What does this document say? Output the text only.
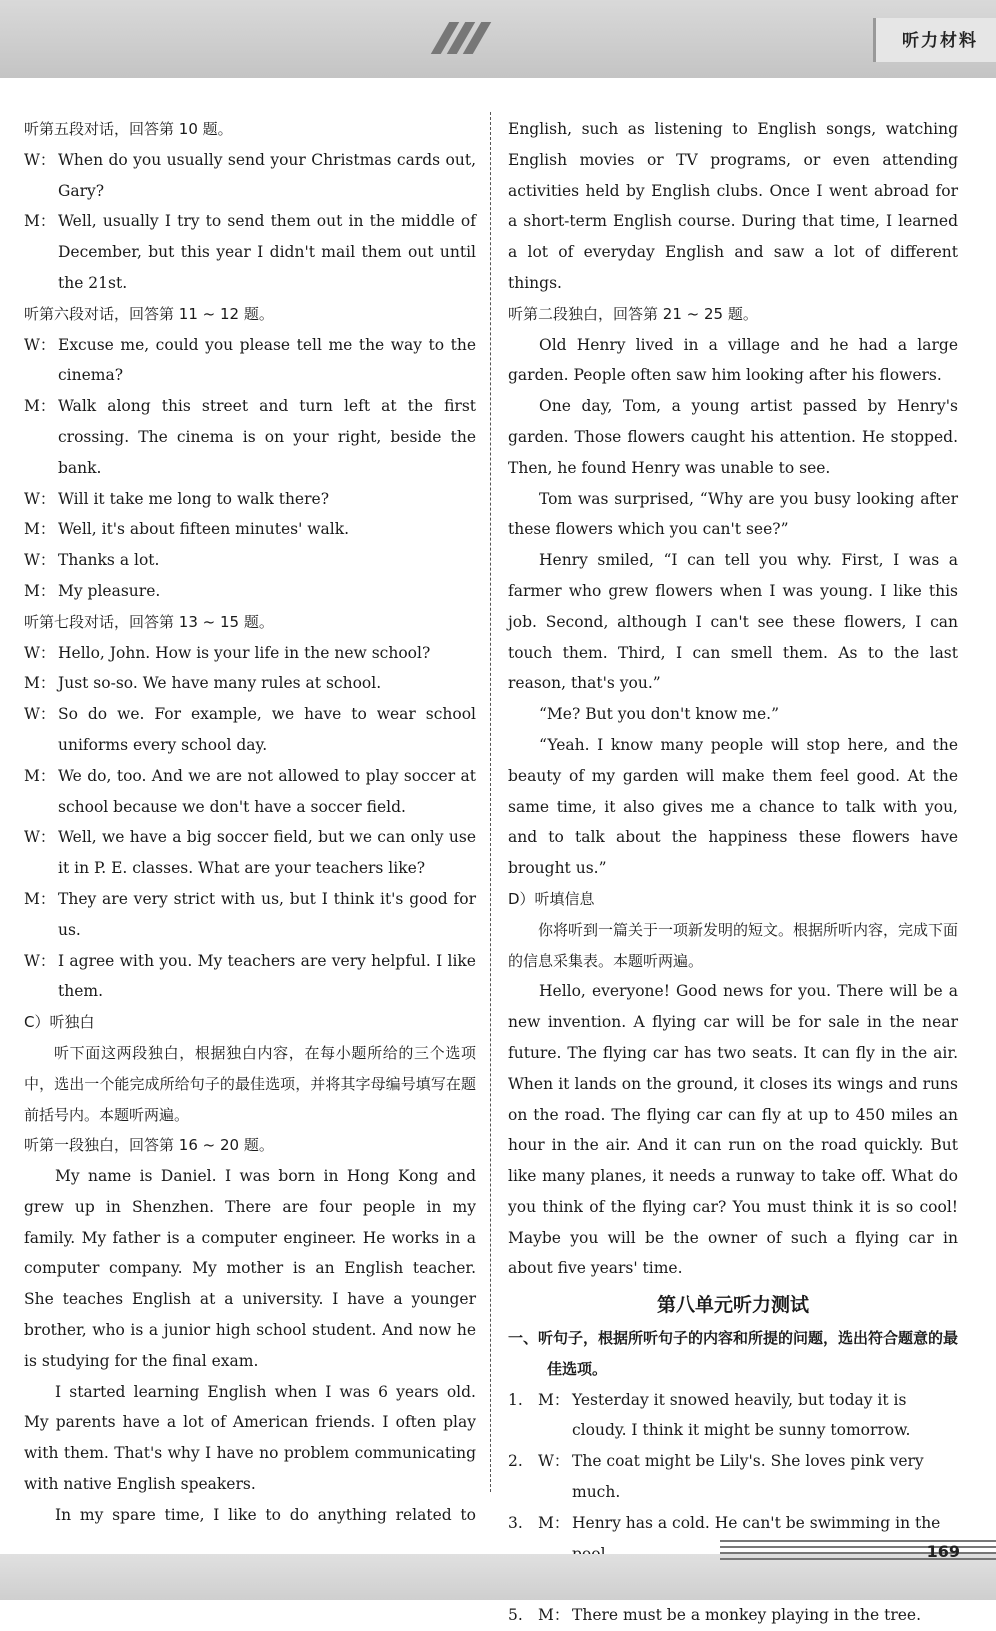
听力材料

听第五段对话，回答第 10 题。

W： When do you usually send your Christmas cards out, Gary?
M： Well, usually I try to send them out in the middle of December, but this year I didn't mail them out until the 21st.

听第六段对话，回答第 11 ~ 12 题。

W： Excuse me, could you please tell me the way to the cinema?
M： Walk along this street and turn left at the first crossing. The cinema is on your right, beside the bank.
W： Will it take me long to walk there?
M： Well, it's about fifteen minutes' walk.
W： Thanks a lot.
M： My pleasure.

听第七段对话，回答第 13 ~ 15 题。

W： Hello, John. How is your life in the new school?
M： Just so-so. We have many rules at school.
W： So do we. For example, we have to wear school uniforms every school day.
M： We do, too. And we are not allowed to play soccer at school because we don't have a soccer field.
W： Well, we have a big soccer field, but we can only use it in P. E. classes. What are your teachers like?
M： They are very strict with us, but I think it's good for us.
W： I agree with you. My teachers are very helpful. I like them.

C）听独白

听下面这两段独白，根据独白内容，在每小题所给的三个选项中，选出一个能完成所给句子的最佳选项，并将其字母编号填写在题前括号内。本题听两遍。

听第一段独白，回答第 16 ~ 20 题。

My name is Daniel. I was born in Hong Kong and grew up in Shenzhen. There are four people in my family. My father is a computer engineer. He works in a computer company. My mother is an English teacher. She teaches English at a university. I have a younger brother, who is a junior high school student. And now he is studying for the final exam.

I started learning English when I was 6 years old. My parents have a lot of American friends. I often play with them. That's why I have no problem communicating with native English speakers.

In my spare time, I like to do anything related to

English, such as listening to English songs, watching English movies or TV programs, or even attending activities held by English clubs. Once I went abroad for a short-term English course. During that time, I learned a lot of everyday English and saw a lot of different things.

听第二段独白，回答第 21 ~ 25 题。

Old Henry lived in a village and he had a large garden. People often saw him looking after his flowers.

One day, Tom, a young artist passed by Henry's garden. Those flowers caught his attention. He stopped. Then, he found Henry was unable to see.

Tom was surprised, “Why are you busy looking after these flowers which you can't see?”

Henry smiled, “I can tell you why. First, I was a farmer who grew flowers when I was young. I like this job. Second, although I can't see these flowers, I can touch them. Third, I can smell them. As to the last reason, that's you.”

“Me? But you don't know me.”

“Yeah. I know many people will stop here, and the beauty of my garden will make them feel good. At the same time, it also gives me a chance to talk with you, and to talk about the happiness these flowers have brought us.”

D）听填信息

你将听到一篇关于一项新发明的短文。根据所听内容，完成下面的信息采集表。本题听两遍。

Hello, everyone! Good news for you. There will be a new invention. A flying car will be for sale in the near future. The flying car has two seats. It can fly in the air. When it lands on the ground, it closes its wings and runs on the road. The flying car can fly at up to 450 miles an hour in the air. And it can run on the road quickly. But like many planes, it needs a runway to take off. What do you think of the flying car? You must think it is so cool! Maybe you will be the owner of such a flying car in about five years' time.

第八单元听力测试

一、听句子，根据所听句子的内容和所提的问题，选出符合题意的最佳选项。

1. M： Yesterday it snowed heavily, but today it is cloudy. I think it might be sunny tomorrow.
2. W： The coat might be Lily's. She loves pink very much.
3. M： Henry has a cold. He can't be swimming in the
5. M： There must be a monkey playing in the tree.
169
